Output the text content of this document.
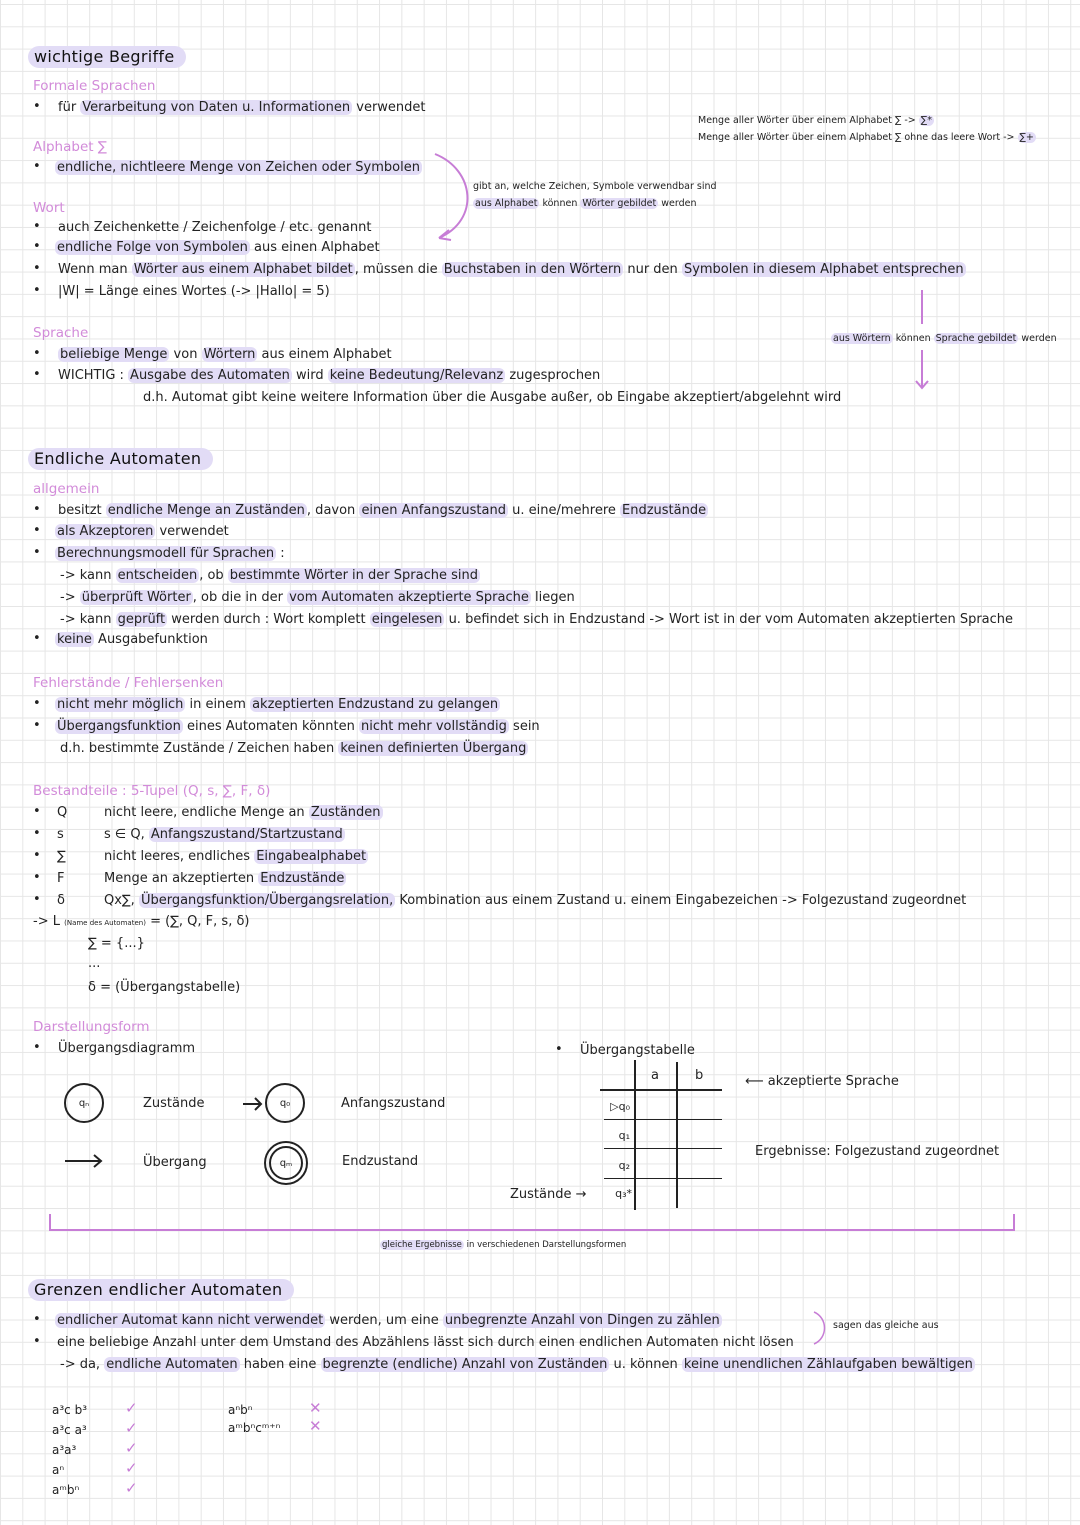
wichtige Begriffe
Formale Sprachen
• für Verarbeitung von Daten u. Informationen verwendet
Menge aller Wörter über einem Alphabet ∑ -> ∑*
Menge aller Wörter über einem Alphabet ∑ ohne das leere Wort -> ∑+
Alphabet ∑
• endliche, nichtleere Menge von Zeichen oder Symbolen
gibt an, welche Zeichen, Symbole verwendbar sind
aus Alphabet können Wörter gebildet werden
Wort
• auch Zeichenkette / Zeichenfolge / etc. genannt
• endliche Folge von Symbolen aus einen Alphabet
• Wenn man Wörter aus einem Alphabet bildet , müssen die Buchstaben in den Wörtern nur den Symbolen in diesem Alphabet entsprechen
• |W| = Länge eines Wortes (-> |Hallo| = 5)
aus Wörtern können Sprache gebildet werden
Sprache
• beliebige Menge von Wörtern aus einem Alphabet
• WICHTIG : Ausgabe des Automaten wird keine Bedeutung/Relevanz zugesprochen
d.h. Automat gibt keine weitere Information über die Ausgabe außer, ob Eingabe akzeptiert/abgelehnt wird
Endliche Automaten
allgemein
• besitzt endliche Menge an Zuständen , davon einen Anfangszustand u. eine/mehrere Endzustände
• als Akzeptoren verwendet
• Berechnungsmodell für Sprachen :
-> kann entscheiden , ob bestimmte Wörter in der Sprache sind
-> überprüft Wörter , ob die in der vom Automaten akzeptierte Sprache liegen
-> kann geprüft werden durch : Wort komplett eingelesen u. befindet sich in Endzustand -> Wort ist in der vom Automaten akzeptierten Sprache
• keine Ausgabefunktion
Fehlerstände / Fehlersenken
• nicht mehr möglich in einem akzeptierten Endzustand zu gelangen
• Übergangsfunktion eines Automaten könnten nicht mehr vollständig sein
d.h. bestimmte Zustände / Zeichen haben keinen definierten Übergang
Bestandteile : 5-Tupel (Q, s, ∑, F, δ)
• Q	nicht leere, endliche Menge an Zuständen
• s	s ∈ Q, Anfangszustand/Startzustand
• ∑	nicht leeres, endliches Eingabealphabet
• F	Menge an akzeptierten Endzustände
• δ	Qx∑, Übergangsfunktion/Übergangsrelation, Kombination aus einem Zustand u. einem Eingabezeichen -> Folgezustand zugeordnet
-> L (Name des Automaten) = (∑, Q, F, s, δ)
∑ = {...}
...
δ = (Übergangstabelle)
Darstellungsform
• Übergangsdiagramm	• Übergangstabelle
qₙ	Zustände	q₀	Anfangszustand
Übergang	qₘ	Endzustand
a	b
▷q₀
q₁
q₂
q₃*
Zustände →
⟵ akzeptierte Sprache
Ergebnisse: Folgezustand zugeordnet
gleiche Ergebnisse in verschiedenen Darstellungsformen
Grenzen endlicher Automaten
• endlicher Automat kann nicht verwendet werden, um eine unbegrenzte Anzahl von Dingen zu zählen
• eine beliebige Anzahl unter dem Umstand des Abzählens lässt sich durch einen endlichen Automaten nicht lösen
-> da, endliche Automaten haben eine begrenzte (endliche) Anzahl von Zuständen u. können keine unendlichen Zählaufgaben bewältigen
sagen das gleiche aus
a³c b³	✓
a³c a³	✓
a³a³	✓
aⁿ	✓
aᵐbⁿ	✓
aⁿbⁿ	✕
aᵐbⁿcᵐ⁺ⁿ ✕
